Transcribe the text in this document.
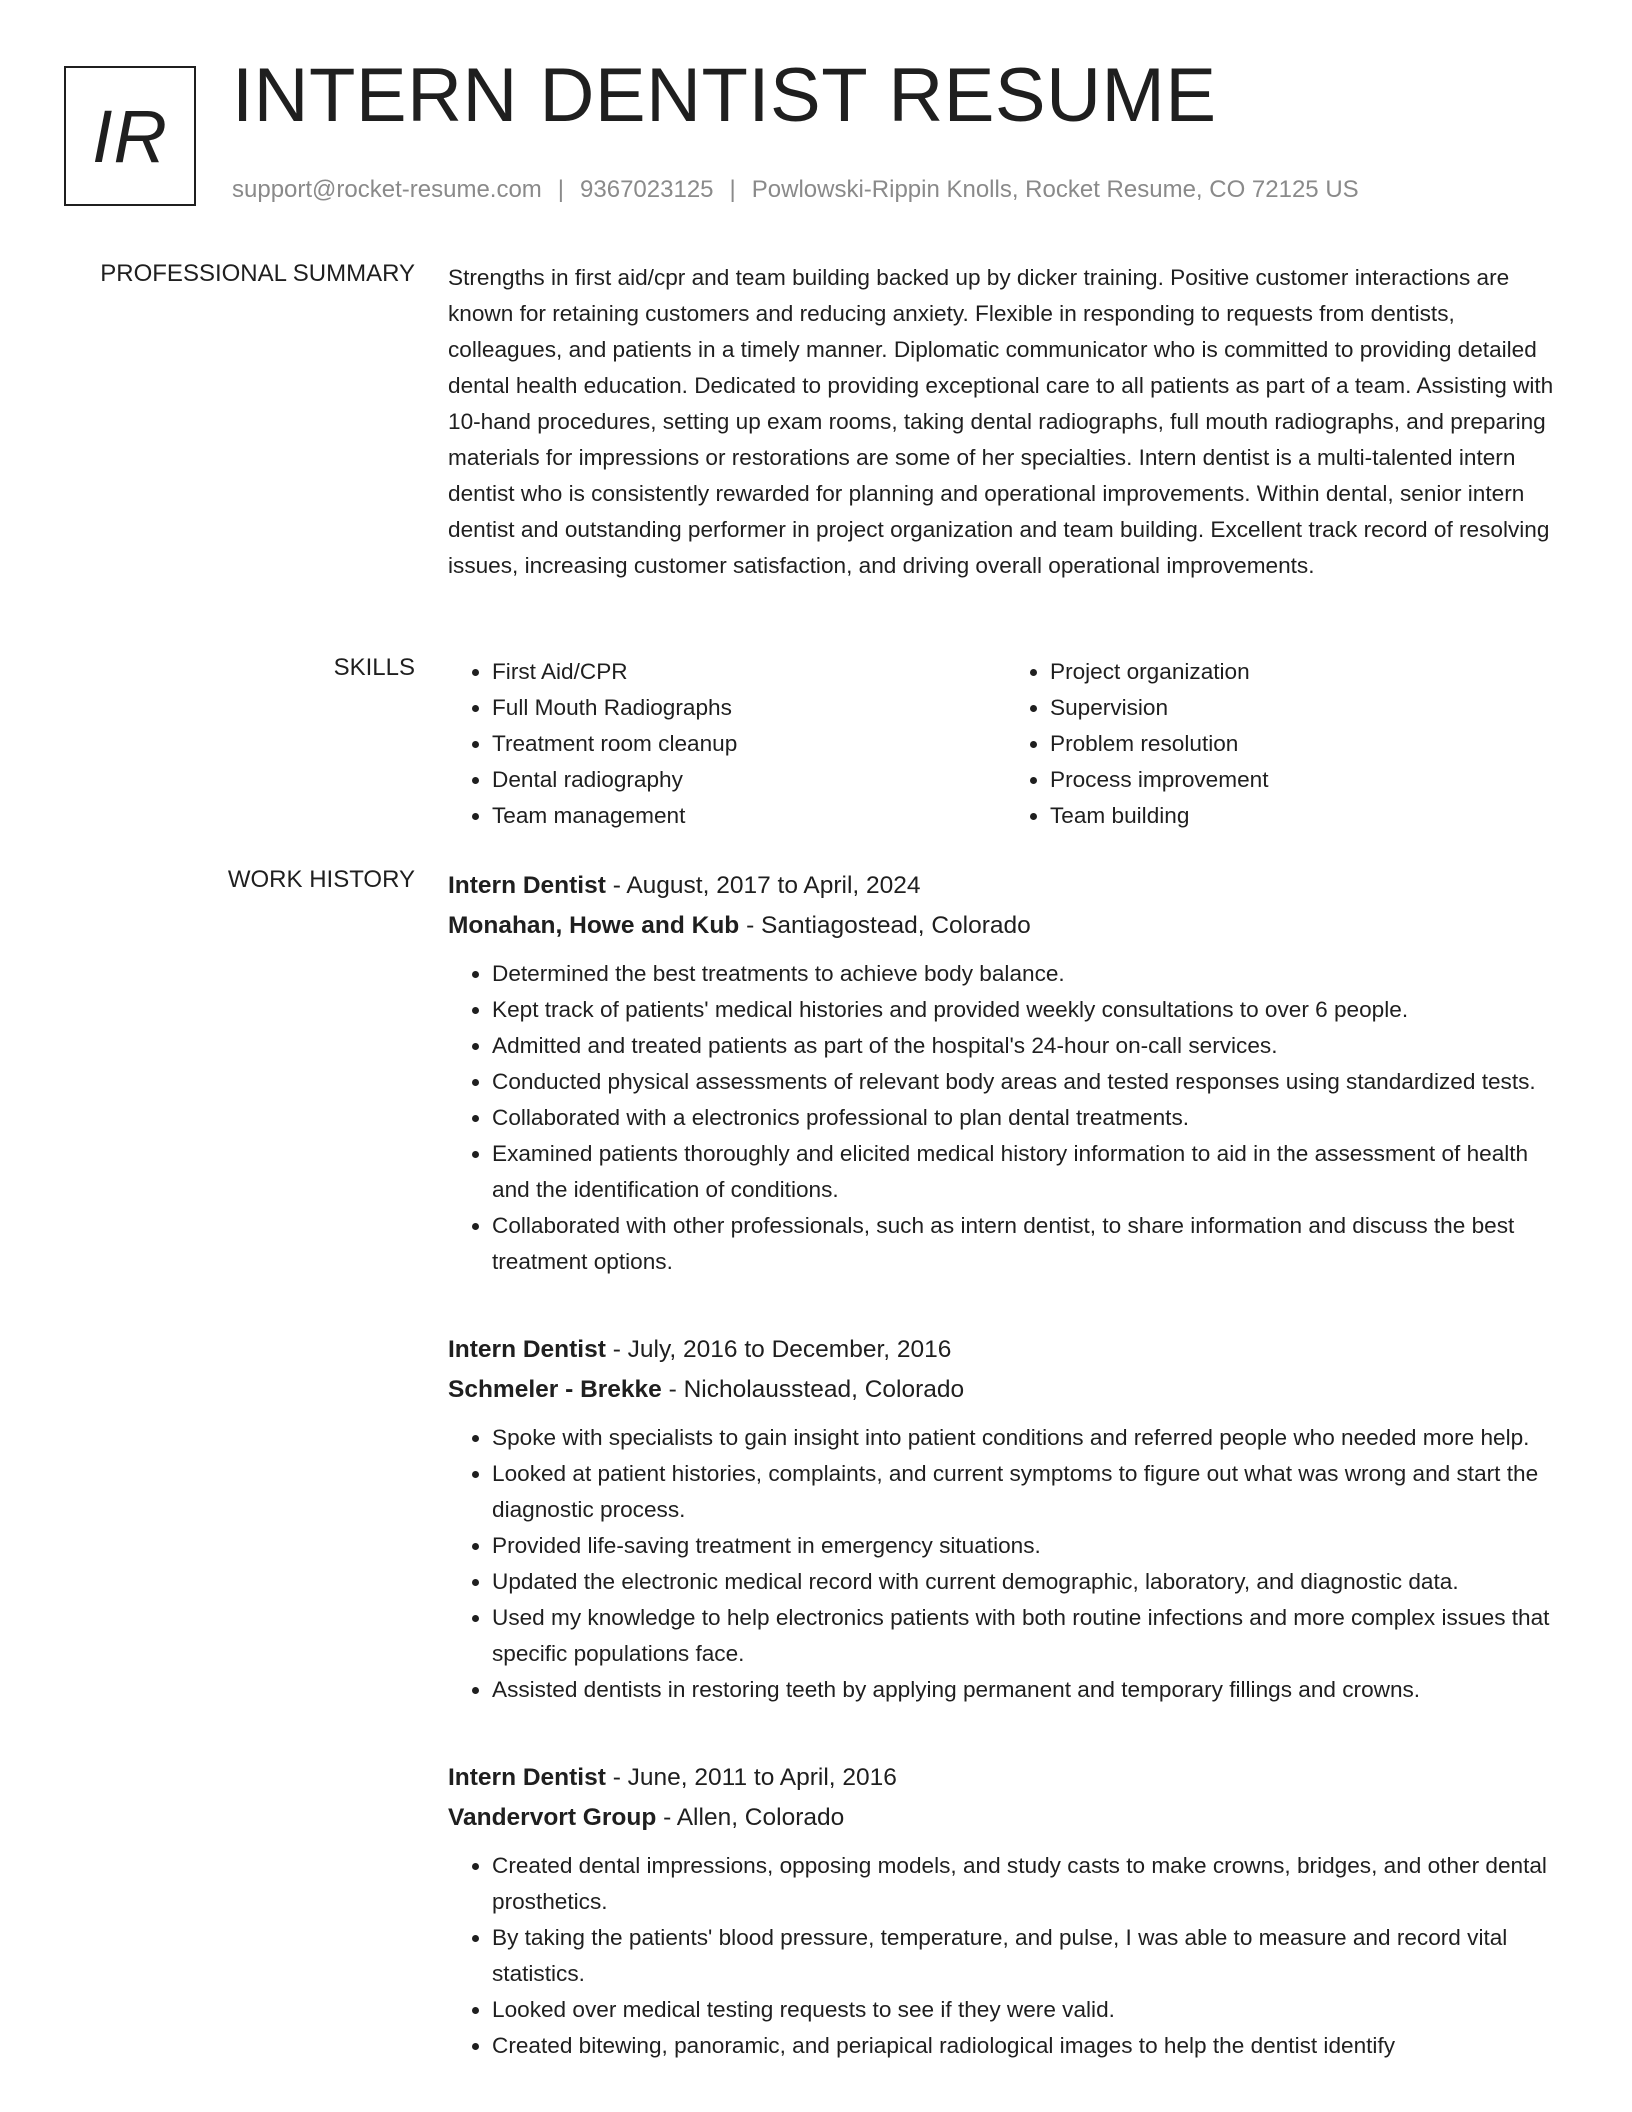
IR INTERN DENTIST RESUME
support@rocket-resume.com | 9367023125 | Powlowski-Rippin Knolls, Rocket Resume, CO 72125 US
PROFESSIONAL SUMMARY Strengths in first aid/cpr and team building backed up by dicker training. Positive customer interactions are known for retaining customers and reducing anxiety. Flexible in responding to requests from dentists, colleagues, and patients in a timely manner. Diplomatic communicator who is committed to providing detailed dental health education. Dedicated to providing exceptional care to all patients as part of a team. Assisting with 10-hand procedures, setting up exam rooms, taking dental radiographs, full mouth radiographs, and preparing materials for impressions or restorations are some of her specialties. Intern dentist is a multi-talented intern dentist who is consistently rewarded for planning and operational improvements. Within dental, senior intern dentist and outstanding performer in project organization and team building. Excellent track record of resolving issues, increasing customer satisfaction, and driving overall operational improvements.

SKILLS
•	First Aid/CPR
• Full Mouth Radiographs
• Treatment room cleanup
• Dental radiography
• Team management
• Project organization
• Supervision
• Problem resolution
• Process improvement
• Team building
WORK HISTORY Intern Dentist - August, 2017 to April, 2024
Monahan, Howe and Kub - Santiagostead, Colorado
• Determined the best treatments to achieve body balance.
• Kept track of patients' medical histories and provided weekly consultations to over 6 people.
• Admitted and treated patients as part of the hospital's 24-hour on-call services.
• Conducted physical assessments of relevant body areas and tested responses using standardized tests.
• Collaborated with a electronics professional to plan dental treatments.
• Examined patients thoroughly and elicited medical history information to aid in the assessment of health and the identification of conditions.
• Collaborated with other professionals, such as intern dentist, to share information and discuss the best treatment options.
Intern Dentist - July, 2016 to December, 2016
Schmeler - Brekke - Nicholausstead, Colorado
• Spoke with specialists to gain insight into patient conditions and referred people who needed more help.
• Looked at patient histories, complaints, and current symptoms to figure out what was wrong and start the diagnostic process.
• Provided life-saving treatment in emergency situations.
• Updated the electronic medical record with current demographic, laboratory, and diagnostic data.
• Used my knowledge to help electronics patients with both routine infections and more complex issues that specific populations face.
• Assisted dentists in restoring teeth by applying permanent and temporary fillings and crowns.
Intern Dentist - June, 2011 to April, 2016
Vandervort Group - Allen, Colorado
• Created dental impressions, opposing models, and study casts to make crowns, bridges, and other dental prosthetics.
• By taking the patients' blood pressure, temperature, and pulse, I was able to measure and record vital statistics.
• Looked over medical testing requests to see if they were valid.
• Created bitewing, panoramic, and periapical radiological images to help the dentist identify
